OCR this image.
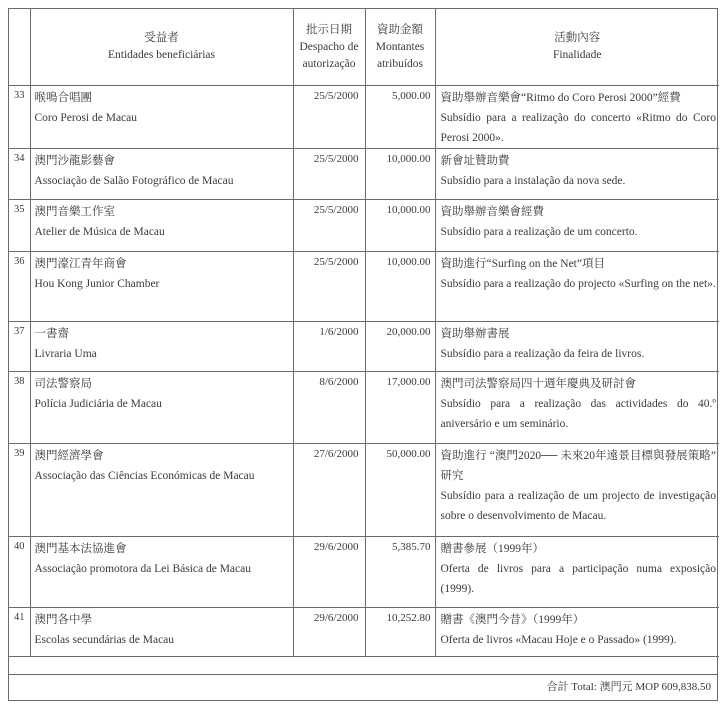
	受益者
Entidades beneficiárias	批示日期
Despacho de
autorização	資助金額
Montantes
atribuídos	活動內容
Finalidade

33	喉鳴合唱團
Coro Perosi de Macau	25/5/2000	5,000.00	資助舉辦音樂會“Ritmo do Coro Perosi 2000”經費
Subsídio para a realização do concerto «Ritmo do Coro Perosi 2000».

34	澳門沙龍影藝會
Associação de Salão Fotográfico de Macau	25/5/2000	10,000.00	新會址贊助費
Subsídio para a instalação da nova sede.

35	澳門音樂工作室
Atelier de Música de Macau	25/5/2000	10,000.00	資助舉辦音樂會經費
Subsídio para a realização de um concerto.

36	澳門濠江青年商會
Hou Kong Junior Chamber	25/5/2000	10,000.00	資助進行“Surfing on the Net”項目
Subsídio para a realização do projecto «Surfing on the net».

37	一書齋
Livraria Uma	1/6/2000	20,000.00	資助舉辦書展
Subsídio para a realização da feira de livros.

38	司法警察局
Polícia Judiciária de Macau	8/6/2000	17,000.00	澳門司法警察局四十週年慶典及研討會
Subsídio para a realização das actividades do 40.º aniversário e um seminário.

39	澳門經濟學會
Associação das Ciências Económicas de Macau	27/6/2000	50,000.00	資助進行 “澳門2020── 未來20年遠景目標與發展策略” 研究
Subsídio para a realização de um projecto de investigação sobre o desenvolvimento de Macau.

40	澳門基本法協進會
Associação promotora da Lei Básica de Macau	29/6/2000	5,385.70	贈書參展（1999年）
Oferta de livros para a participação numa exposição (1999).

41	澳門各中學
Escolas secundárias de Macau	29/6/2000	10,252.80	贈書《澳門今昔》（1999年）
Oferta de livros «Macau Hoje e o Passado» (1999).
合計 Total: 澳門元 MOP 609,838.50
